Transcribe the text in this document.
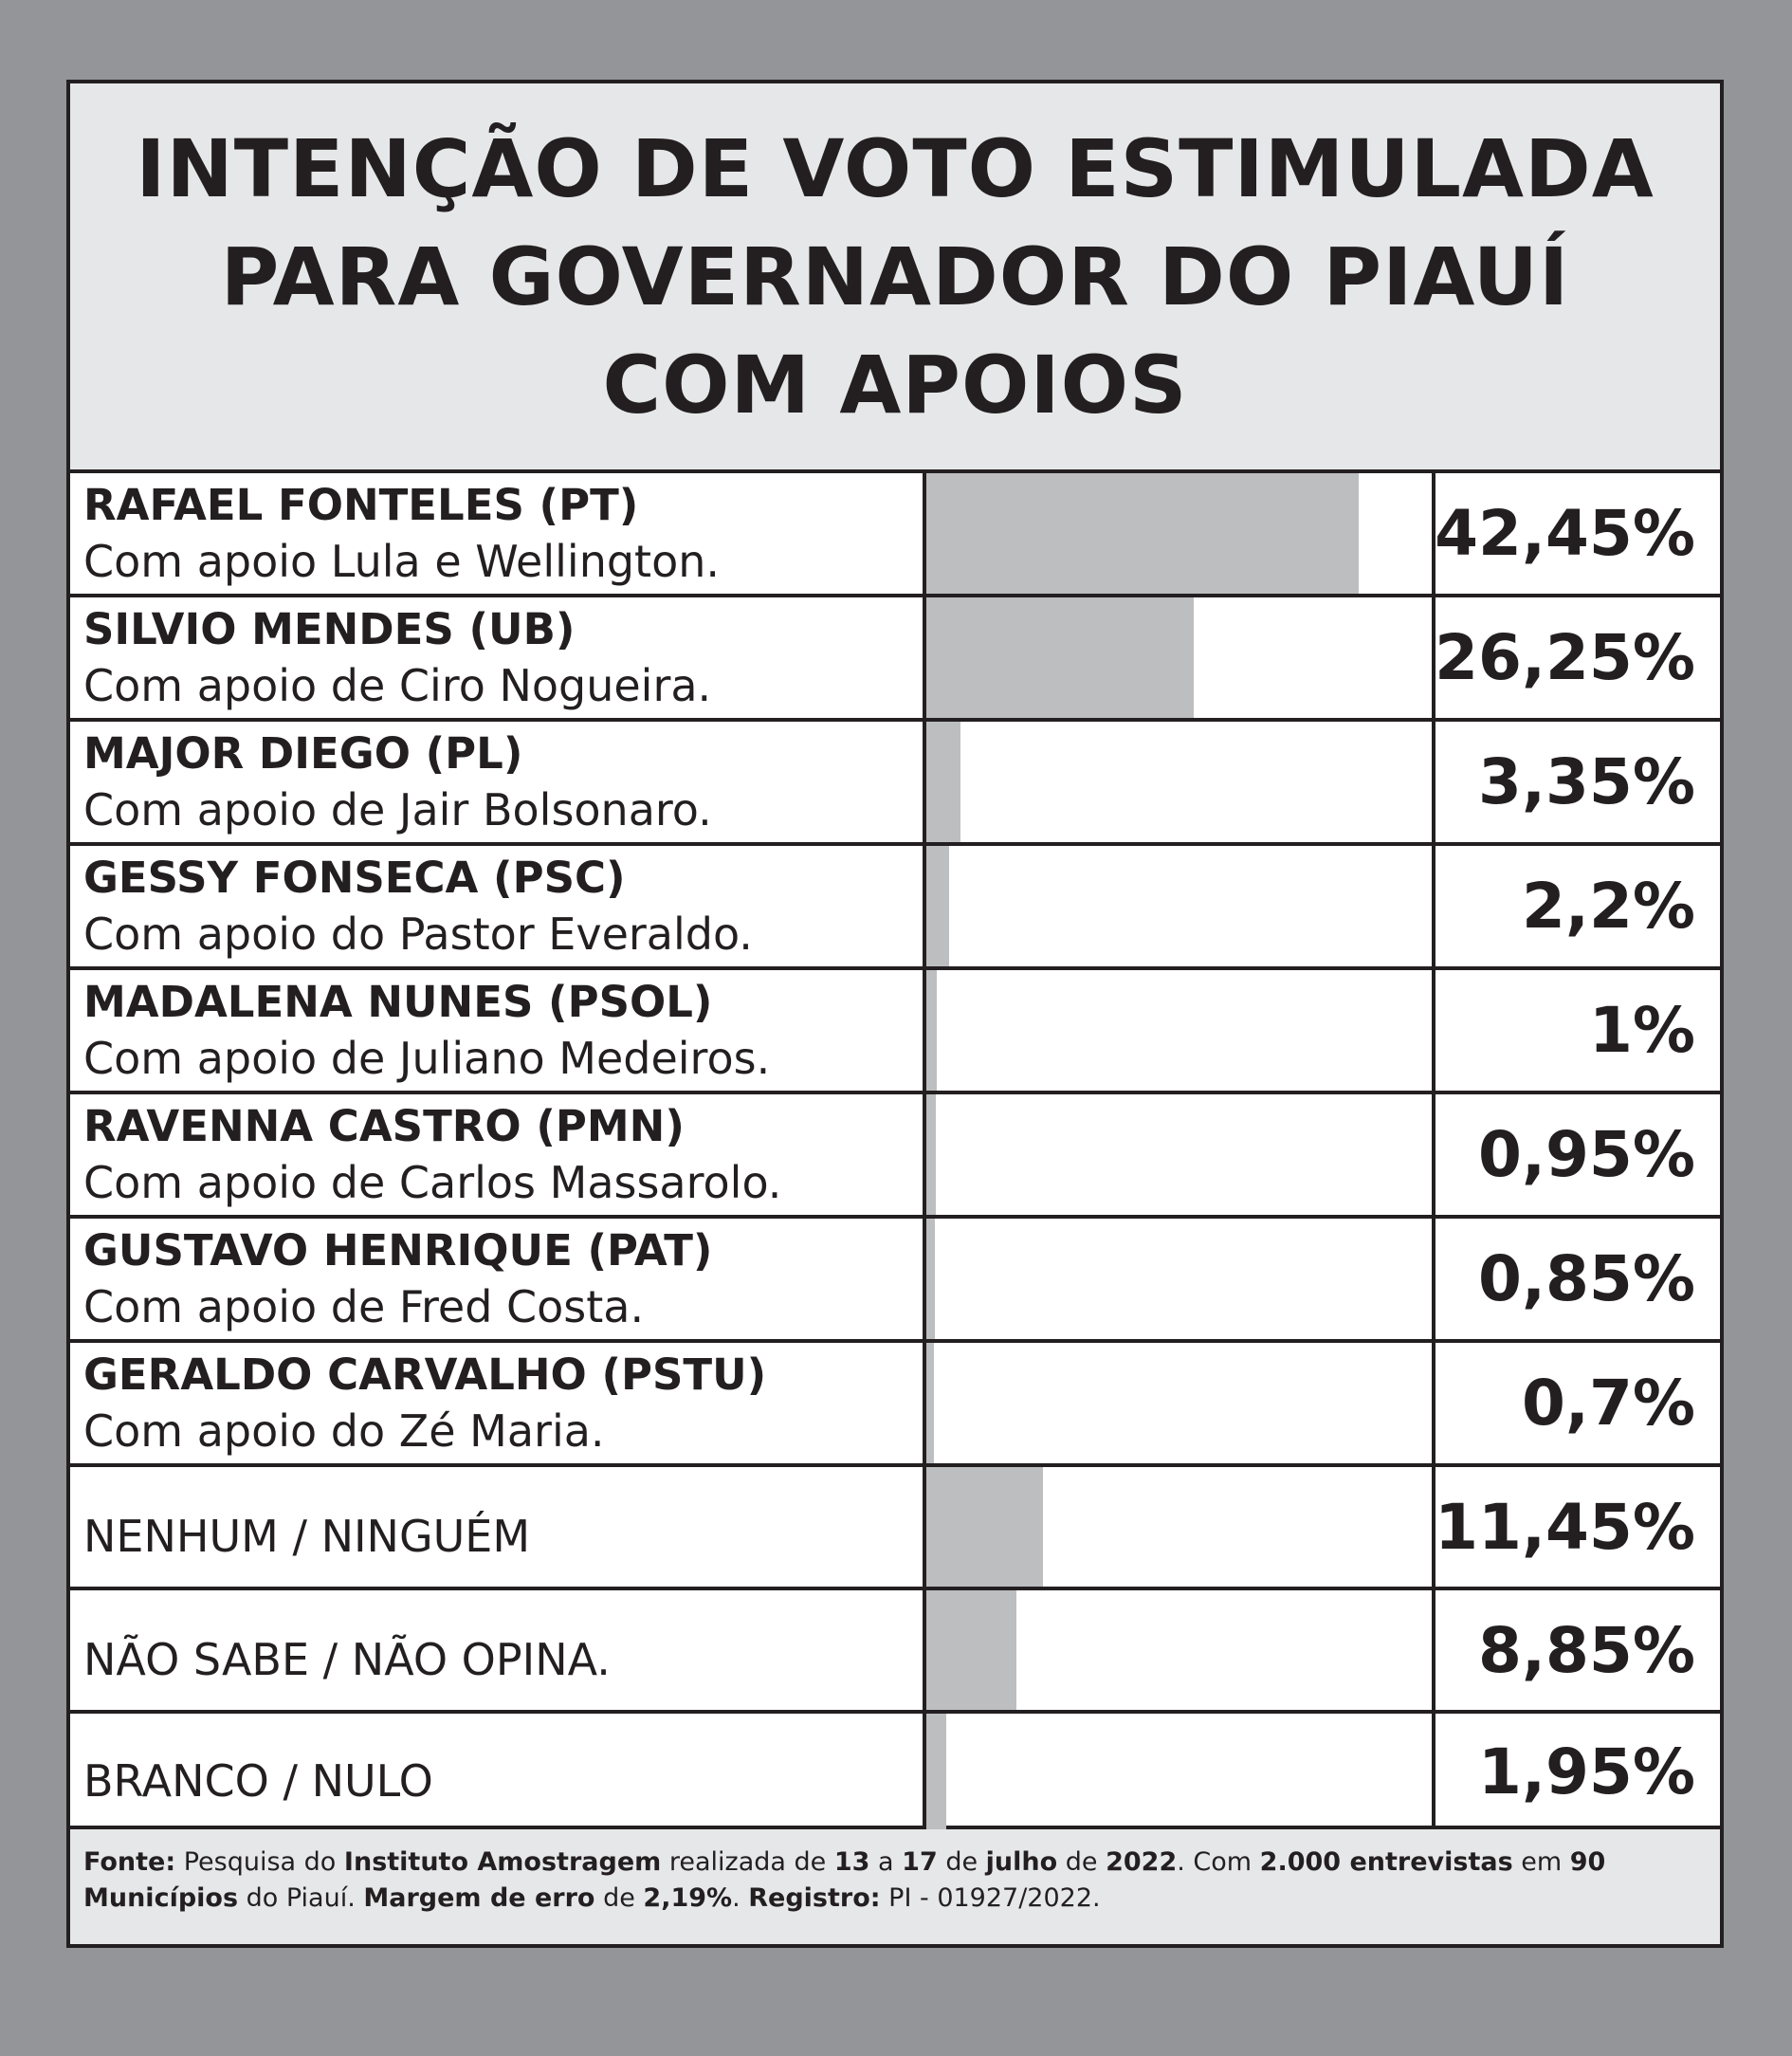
INTENÇÃO DE VOTO ESTIMULADA
PARA GOVERNADOR DO PIAUÍ
COM APOIOS
RAFAEL FONTELES (PT)
Com apoio Lula e Wellington.	42,45%
SILVIO MENDES (UB)
Com apoio de Ciro Nogueira.	26,25%
MAJOR DIEGO (PL)
Com apoio de Jair Bolsonaro.	3,35%
GESSY FONSECA (PSC)
Com apoio do Pastor Everaldo.	2,2%
MADALENA NUNES (PSOL)
Com apoio de Juliano Medeiros.	1%
RAVENNA CASTRO (PMN)
Com apoio de Carlos Massarolo.	0,95%
GUSTAVO HENRIQUE (PAT)
Com apoio de Fred Costa.	0,85%
GERALDO CARVALHO (PSTU)
Com apoio do Zé Maria.	0,7%
NENHUM / NINGUÉM	11,45%
NÃO SABE / NÃO OPINA.	8,85%
BRANCO / NULO	1,95%
Fonte: Pesquisa do Instituto Amostragem realizada de 13 a 17 de julho de 2022. Com 2.000 entrevistas em 90 Municípios do Piauí. Margem de erro de 2,19%. Registro: PI - 01927/2022.
